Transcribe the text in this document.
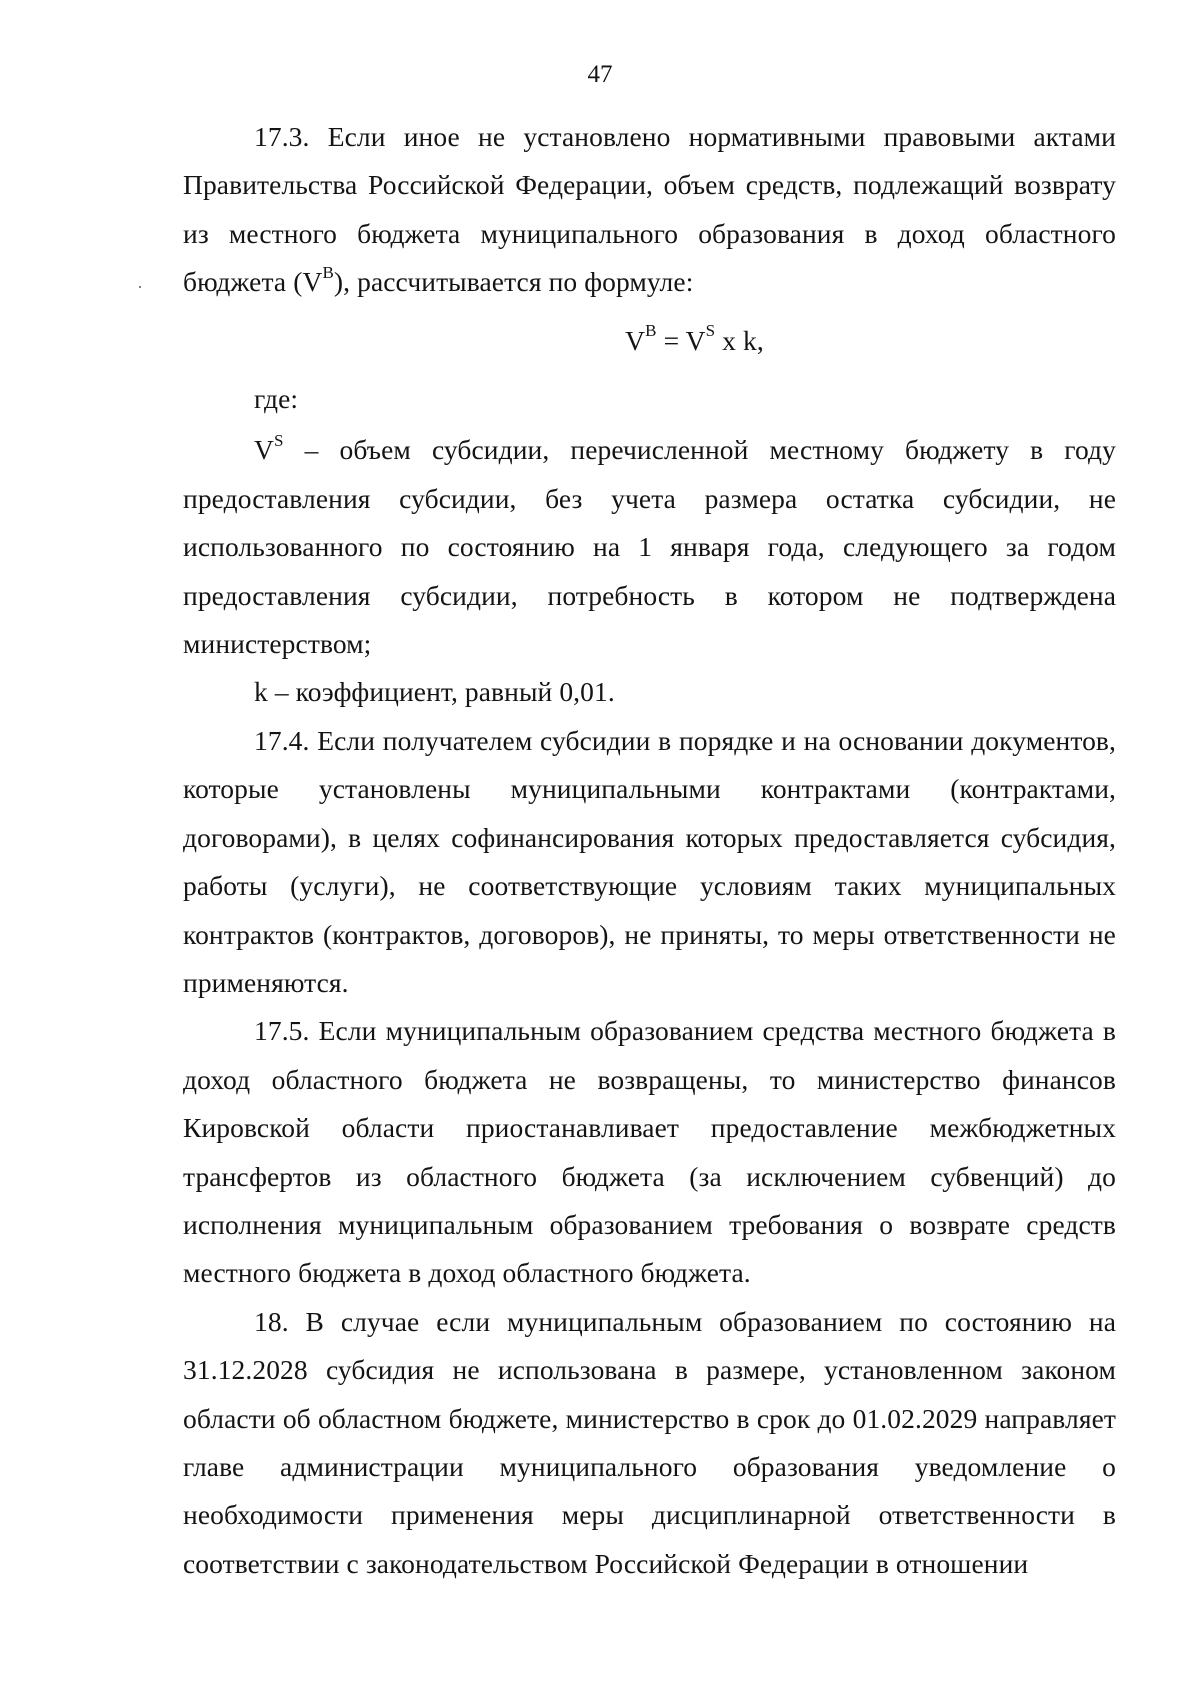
47

17.3. Если иное не установлено нормативными правовыми актами Правительства Российской Федерации, объем средств, подлежащий возврату из местного бюджета муниципального образования в доход областного бюджета $(V^B)$, рассчитывается по формуле:

$V^B = V^S$ x k,

где:

$V^S$ – объем субсидии, перечисленной местному бюджету в году предоставления субсидии, без учета размера остатка субсидии, не использованного по состоянию на 1 января года, следующего за годом предоставления субсидии, потребность в котором не подтверждена министерством;

k – коэффициент, равный 0,01.

17.4. Если получателем субсидии в порядке и на основании документов, которые установлены муниципальными контрактами (контрактами, договорами), в целях софинансирования которых предоставляется субсидия, работы (услуги), не соответствующие условиям таких муниципальных контрактов (контрактов, договоров), не приняты, то меры ответственности не применяются.

17.5. Если муниципальным образованием средства местного бюджета в доход областного бюджета не возвращены, то министерство финансов Кировской области приостанавливает предоставление межбюджетных трансфертов из областного бюджета (за исключением субвенций) до исполнения муниципальным образованием требования о возврате средств местного бюджета в доход областного бюджета.

18. В случае если муниципальным образованием по состоянию на 31.12.2028 субсидия не использована в размере, установленном законом области об областном бюджете, министерство в срок до 01.02.2029 направляет главе администрации муниципального образования уведомление о необходимости применения меры дисциплинарной ответственности в соответствии с законодательством Российской Федерации в отношении
